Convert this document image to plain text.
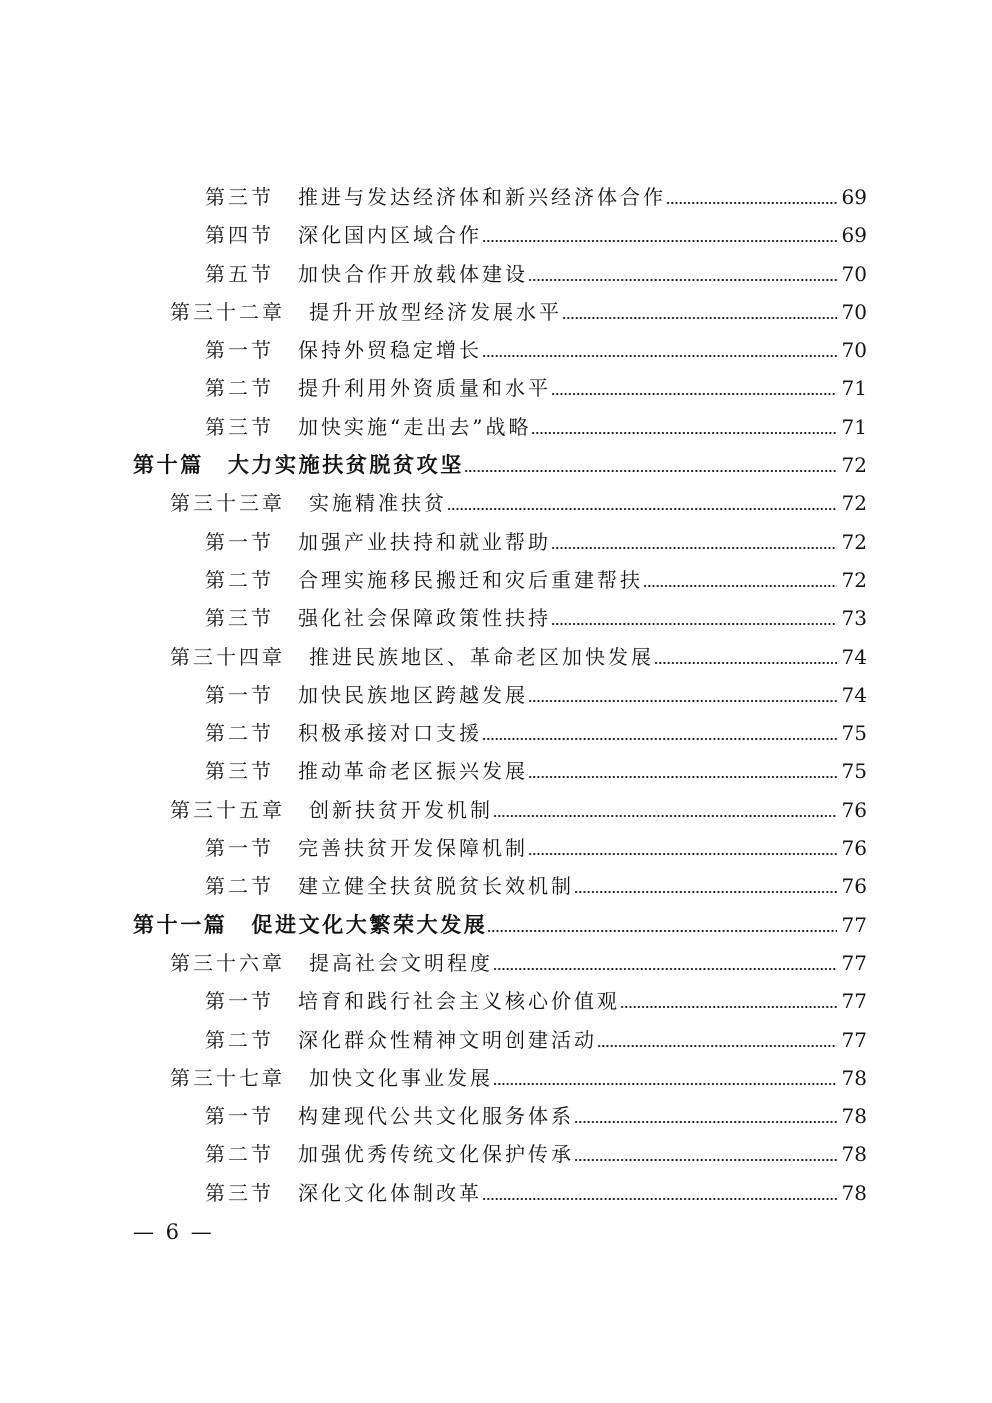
第三节 推进与发达经济体和新兴经济体合作	69
第四节 深化国内区域合作	69
第五节 加快合作开放载体建设	70
第三十二章 提升开放型经济发展水平	70
第一节 保持外贸稳定增长	70
第二节 提升利用外资质量和水平	71
第三节 加快实施“走出去”战略	71
第十篇 大力实施扶贫脱贫攻坚	72
第三十三章 实施精准扶贫	72
第一节 加强产业扶持和就业帮助	72
第二节 合理实施移民搬迁和灾后重建帮扶	72
第三节 强化社会保障政策性扶持	73
第三十四章 推进民族地区、革命老区加快发展	74
第一节 加快民族地区跨越发展	74
第二节 积极承接对口支援	75
第三节 推动革命老区振兴发展	75
第三十五章 创新扶贫开发机制	76
第一节 完善扶贫开发保障机制	76
第二节 建立健全扶贫脱贫长效机制	76
第十一篇 促进文化大繁荣大发展	77
第三十六章 提高社会文明程度	77
第一节 培育和践行社会主义核心价值观	77
第二节 深化群众性精神文明创建活动	77
第三十七章 加快文化事业发展	78
第一节 构建现代公共文化服务体系	78
第二节 加强优秀传统文化保护传承	78
第三节 深化文化体制改革	78
— 6 —
